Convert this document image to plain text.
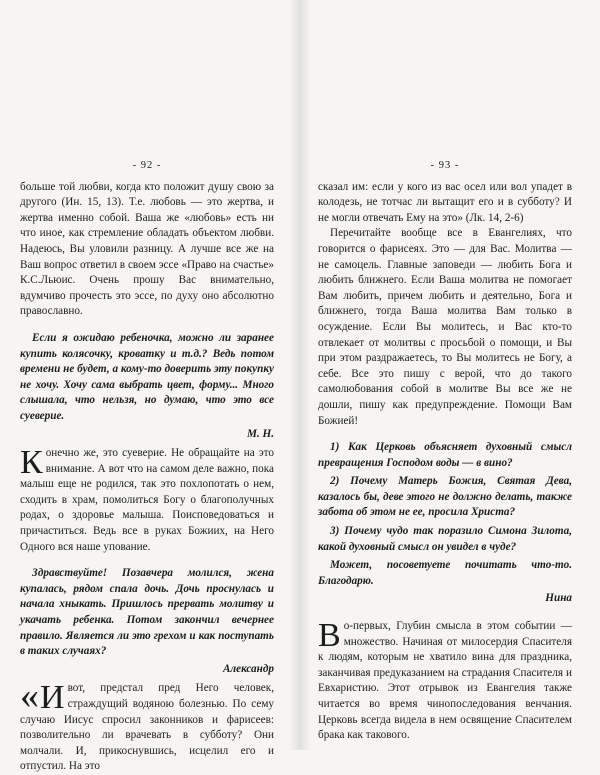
- 92 -

больше той любви, когда кто положит душу свою за другого (Ин. 15, 13). Т.е. любовь — это жертва, и жертва именно собой. Ваша же «любовь» есть ни что иное, как стремление обладать объектом любви. Надеюсь, Вы уловили разницу. А лучше все же на Ваш вопрос ответил в своем эссе «Право на счастье» К.С.Льюис. Очень прошу Вас внимательно, вдумчиво прочесть это эссе, по духу оно абсолютно православно.

Если я ожидаю ребеночка, можно ли заранее купить колясочку, кроватку и т.д.? Ведь потом времени не будет, а кому-то доверить эту покупку не хочу. Хочу сама выбрать цвет, форму... Много слышала, что нельзя, но думаю, что это все суеверие.

М. Н.

Конечно же, это суеверие. Не обращайте на это внимание. А вот что на самом деле важно, пока малыш еще не родился, так это похлопотать о нем, сходить в храм, помолиться Богу о благополучных родах, о здоровье малыша. Поисповедоваться и причаститься. Ведь все в руках Божиих, на Него Одного вся наше упование.

Здравствуйте! Позавчера молился, жена купалась, рядом спала дочь. Дочь проснулась и начала хныкать. Пришлось прервать молитву и укачать ребенка. Потом закончил вечернее правило. Является ли это грехом и как поступать в таких случаях?

Александр

« И вот, предстал пред Него человек, страждущий водяною болезнью. По сему случаю Иисус спросил законников и фарисеев: позволительно ли врачевать в субботу? Они молчали. И, прикоснувшись, исцелил его и отпустил. На это

- 93 -

сказал им: если у кого из вас осел или вол упадет в колодезь, не тотчас ли вытащит его и в субботу? И не могли отвечать Ему на это» (Лк. 14, 2-6)

Перечитайте вообще все в Евангелиях, что говорится о фарисеях. Это — для Вас. Молитва — не самоцель. Главные заповеди — любить Бога и любить ближнего. Если Ваша молитва не помогает Вам любить, причем любить и деятельно, Бога и ближнего, тогда Ваша молитва Вам только в осуждение. Если Вы молитесь, и Вас кто-то отвлекает от молитвы с просьбой о помощи, и Вы при этом раздражаетесь, то Вы молитесь не Богу, а себе. Все это пишу с верой, что до такого самолюбования собой в молитве Вы все же не дошли, пишу как предупреждение. Помощи Вам Божией!

1) Как Церковь объясняет духовный смысл превращения Господом воды — в вино?

2) Почему Матерь Божия, Святая Дева, казалось бы, деве этого не должно делать, также забота об этом не ее, просила Христа?

3) Почему чудо так поразило Симона Зилота, какой духовный смысл он увидел в чуде?

Может, посоветуете почитать что-то. Благодарю.

Нина

Во-первых, Глубин смысла в этом событии — множество. Начиная от милосердия Спасителя к людям, которым не хватило вина для праздника, заканчивая предуказанием на страдания Спасителя и Евхаристию. Этот отрывок из Евангелия также читается во время чинопоследования венчания. Церковь всегда видела в нем освящение Спасителем брака как такового.
